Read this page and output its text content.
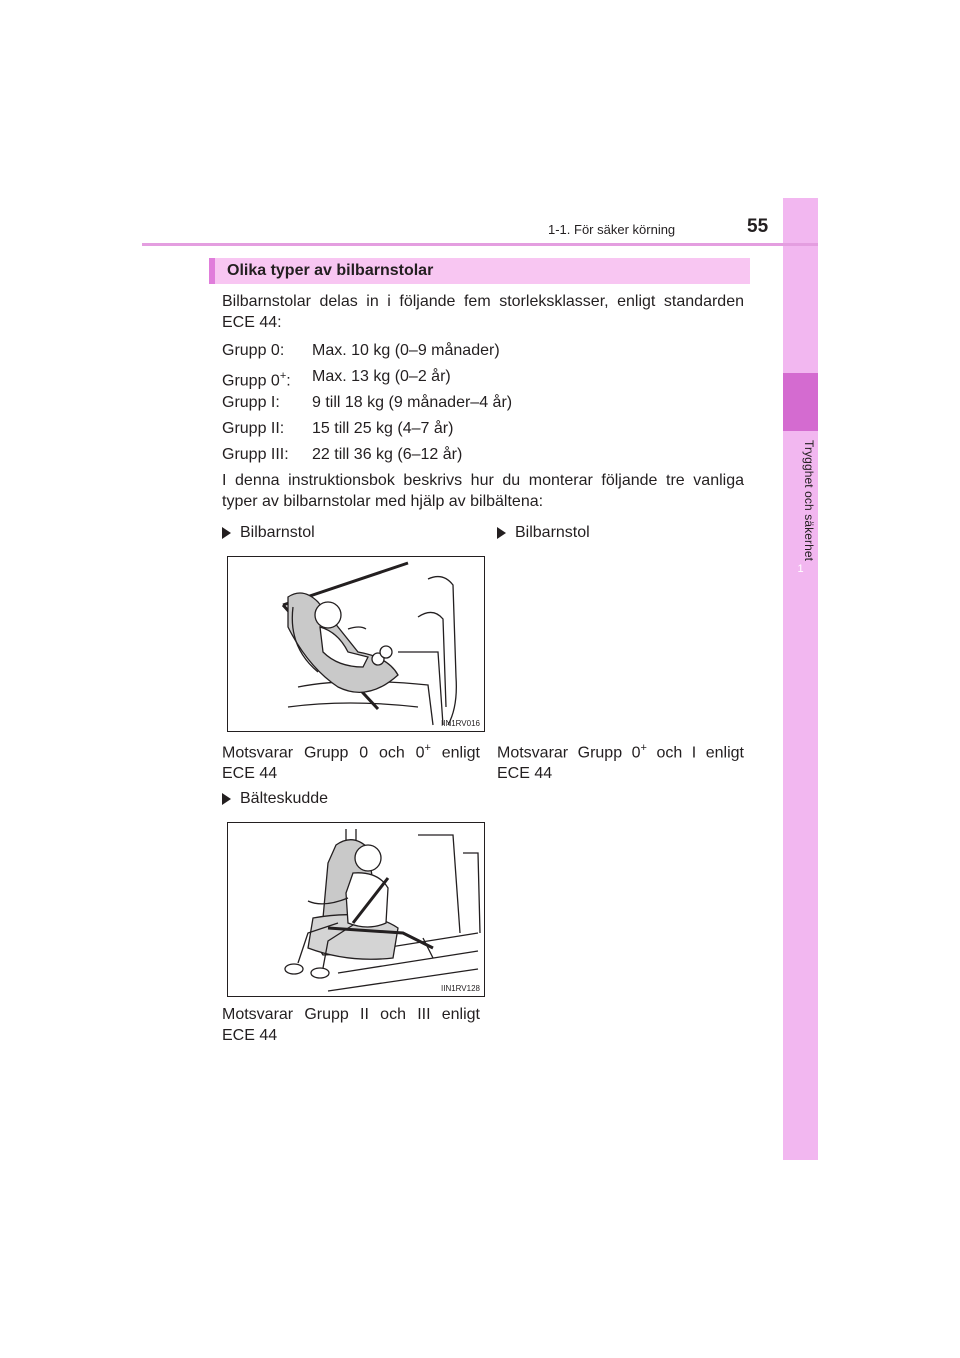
1
Trygghet och säkerhet
1-1. För säker körning	55
Olika typer av bilbarnstolar
Bilbarnstolar delas in i följande fem storleksklasser, enligt standarden ECE 44:
Grupp 0:	Max. 10 kg (0–9 månader)
Grupp 0+:	Max. 13 kg (0–2 år)
Grupp I:	9 till 18 kg (9 månader–4 år)
Grupp II:	15 till 25 kg (4–7 år)
Grupp III:	22 till 36 kg (6–12 år)
I denna instruktionsbok beskrivs hur du monterar följande tre vanliga typer av bilbarnstolar med hjälp av bilbältena:
Bilbarnstol
IIN1RV016
Motsvarar Grupp 0 och 0+ enligt ECE 44
Bilbarnstol
Motsvarar Grupp 0+ och I enligt ECE 44
Bälteskudde
IIN1RV128
Motsvarar Grupp II och III enligt ECE 44
